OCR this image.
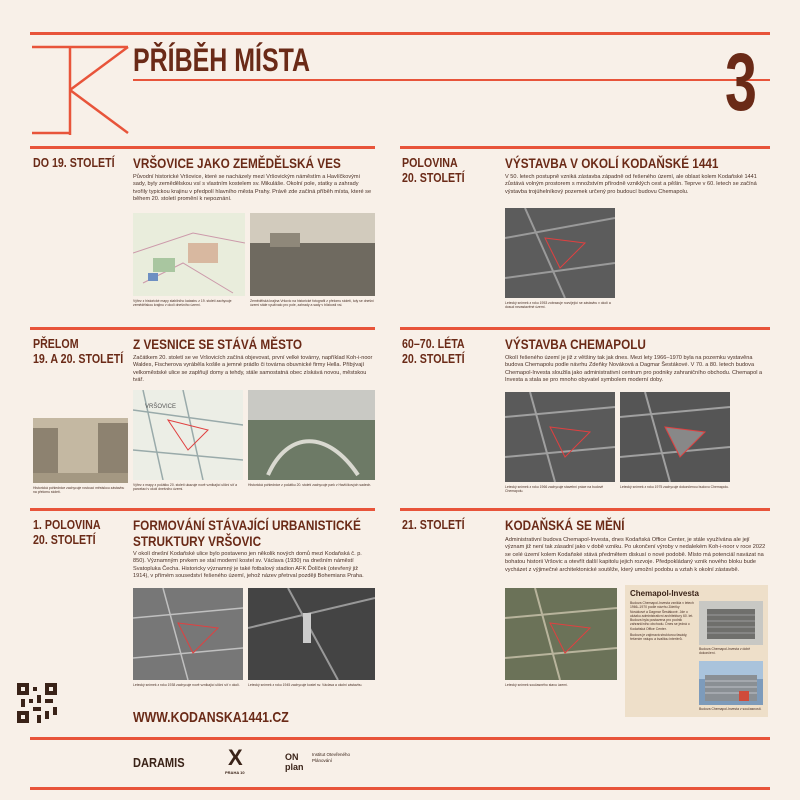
PŘÍBĚH MÍSTA	3
DO 19. STOLETÍ VRŠOVICE JAKO ZEMĚDĚLSKÁ VES
Původní historické Vršovice, které se nacházely mezi Vršovickým náměstím a Havlíčkovými sady, byly zemědělskou vsí s vlastním kostelem sv. Mikuláše. Okolní pole, statky a zahrady tvořily typickou krajinu v předpolí hlavního města Prahy. Právě zde začíná příběh místa, které se během 20. století promění k nepoznání.
Výřez z historické mapy stabilního katastru z 19. století zachycuje zemědělskou krajinu v okolí dnešního území.
Zemědělská krajina Vršovic na historické fotografii z přelomu století, kdy se dnešní území stále využívalo pro pole, zahrady a sady v blízkosti vsi.
POLOVINA
20. STOLETÍ
VÝSTAVBA V OKOLÍ KODAŇSKÉ 1441
V 50. letech postupně vzniká zástavba západně od řešeného území, ale oblast kolem Kodaňské 1441 zůstává volným prostorem s množstvím přírodně vzniklých cest a pěšin. Teprve v 60. letech se začíná výstavba trojúhelníkový pozemek určený pro budoucí budovu Chemapolu.
Letecký snímek z roku 1953 zobrazuje rozvíjející se zástavbu v okolí a dosud nezastavěné území.
PŘELOM
19. A 20. STOLETÍ
Z VESNICE SE STÁVÁ MĚSTO
Začátkem 20. století se ve Vršovicích začíná objevovat, první velké továrny, například Koh-i-noor Waldes, Fischerova vyráběla košile a jemné prádlo či továrna obuvnické firmy Hella. Přibývají velkoměstské ulice se zaplňují domy a tehdy, stále samostatná obec získává novou, městskou tvář.
Historická pohlednice zachycuje rostoucí městskou zástavbu na přelomu století.
VRŠOVICE
Výřez z mapy z počátku 20. století ukazuje nově vznikající uliční síť a parcelaci v okolí dnešního území.
Historická pohlednice z počátku 20. století zachycuje park v Havlíčkových sadech.
60–70. LÉTA
20. STOLETÍ
VÝSTAVBA CHEMAPOLU
Okolí řešeného území je již z většiny tak jak dnes. Mezi lety 1966–1970 byla na pozemku vystavěna budova Chemapolu podle návrhu Zdeňky Nováková a Dagmar Šestákové. V 70. a 80. letech budova Chemapol-Investa sloužila jako administrativní centrum pro podniky zahraničního obchodu. Chemapol a Investa a stala se pro mnoho obyvatel symbolem moderní doby.
Letecký snímek z roku 1966 zachycuje stavební práce na budově Chemapolu.
Letecký snímek z roku 1975 zachycuje dokončenou budovu Chemapolu.
1. POLOVINA
20. STOLETÍ
FORMOVÁNÍ STÁVAJÍCÍ URBANISTICKÉ
STRUKTURY VRŠOVIC
V okolí dnešní Kodaňské ulice bylo postaveno jen několik nových domů mezi Kodaňská č. p. 850). Významným prvkem se stal moderní kostel sv. Václava (1930) na dnešním náměstí Svatopluka Čecha. Historicky významný je také fotbalový stadion AFK Ďolíček (otevřený již 1914), v přímém sousedství řešeného území, jehož název přetrval později Bohemians Praha.
Letecký snímek z roku 1938 zachycuje nově vznikající uliční síť v okolí.	Letecký snímek z roku 1945 zachycuje kostel sv. Václava a okolní zástavbu.
21. STOLETÍ	KODAŇSKÁ SE MĚNÍ
Administrativní budova Chemapol-Investa, dnes Kodaňská Office Center, je stále využívána ale její význam již není tak zásadní jako v době vzniku. Po ukončení výroby v nedalekém Koh-i-noor v roce 2022 se celé území kolem Kodaňské stává předmětem diskusí o nové podobě. Místo má potenciál navázat na bohatou historii Vršovic a otevřít další kapitolu jejich rozvoje. Předpokládaný vznik nového bloku bude vycházet z výjimečné architektonické soutěže, který umožní podobu a vztah k okolní zástavbě.
Letecký snímek současného stavu území.
Chemapol-Investa
Budova Chemapol-Investa vznikla v letech 1966–1970 podle návrhu Zdeňky Novákové a Dagmar Šestákové. Jde o ukázku administrativní architektury 60. let. Budova byla postavena pro podnik zahraničního obchodu. Dnes se jedná o Kodaňská Office Center.
Budova je zajímavá strukturou fasády, řešením vstupu a kvalitou interiérů.
Budova Chemapol-Investa v době dokončení.
Budova Chemapol-Investa v současnosti.
WWW.KODANSKA1441.CZ
DARAMIS X
PRAHA 10
ON plan
Institut Otevřeného Plánování
